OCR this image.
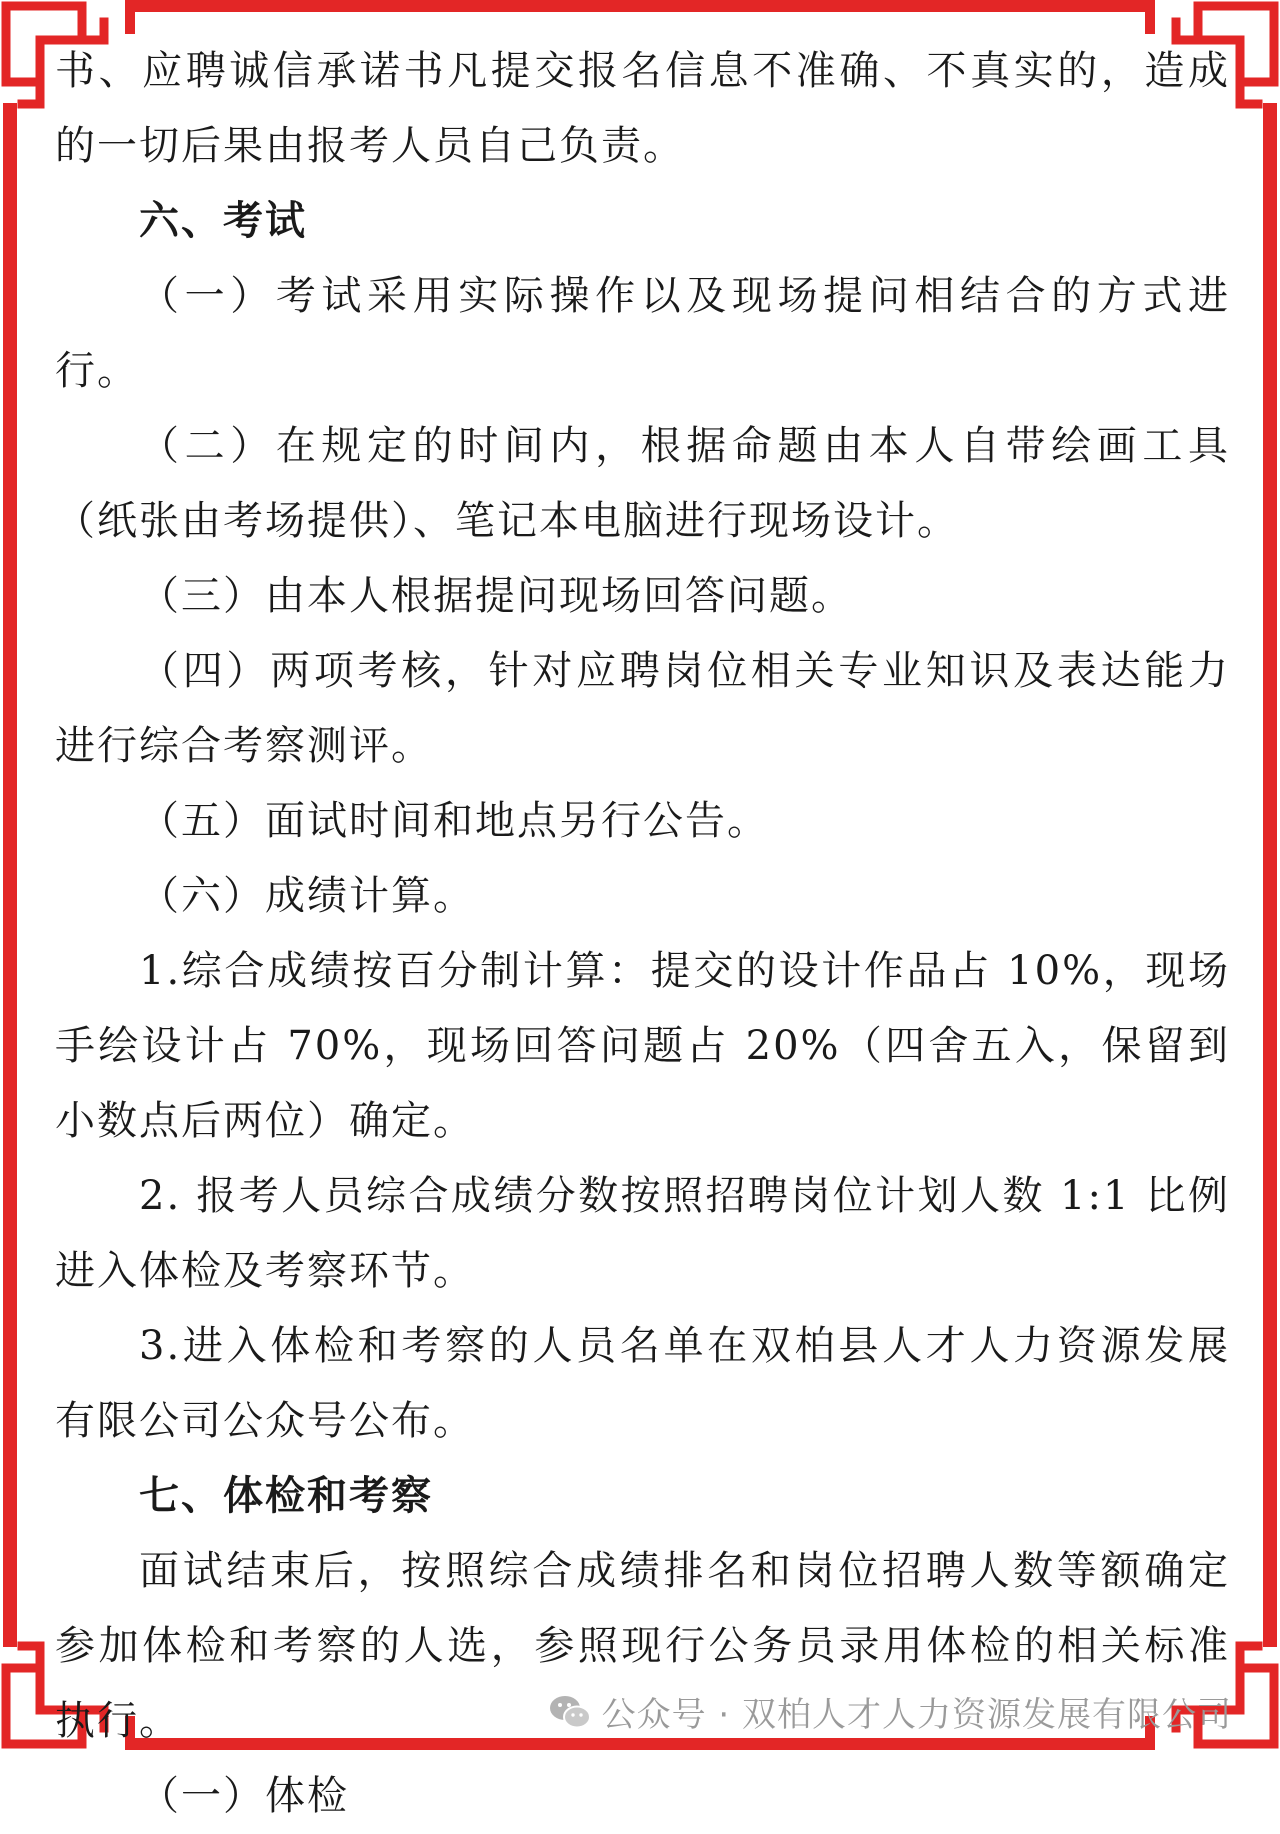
书、应聘诚信承诺书凡提交报名信息不准确、不真实的，造成的一切后果由报考人员自己负责。

六、考试

（一）考试采用实际操作以及现场提问相结合的方式进行。

（二）在规定的时间内，根据命题由本人自带绘画工具（纸张由考场提供）、笔记本电脑进行现场设计。

（三）由本人根据提问现场回答问题。

（四）两项考核，针对应聘岗位相关专业知识及表达能力进行综合考察测评。

（五）面试时间和地点另行公告。

（六）成绩计算。

1.综合成绩按百分制计算：提交的设计作品占 10%，现场手绘设计占 70%，现场回答问题占 20%（四舍五入，保留到小数点后两位）确定。

2. 报考人员综合成绩分数按照招聘岗位计划人数 1:1 比例进入体检及考察环节。

3.进入体检和考察的人员名单在双柏县人才人力资源发展有限公司公众号公布。

七、体检和考察

面试结束后，按照综合成绩排名和岗位招聘人数等额确定参加体检和考察的人选，参照现行公务员录用体检的相关标准执行。

（一）体检

公众号 · 双柏人才人力资源发展有限公司
